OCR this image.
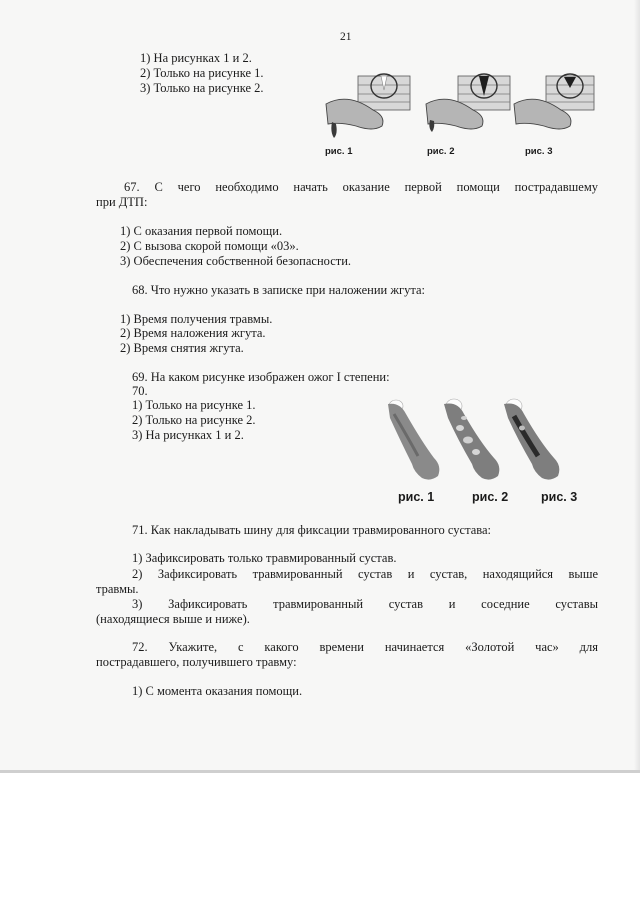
21
1) На рисунках 1 и 2.
2) Только на рисунке 1.
3) Только на рисунке 2.
рис. 1	рис. 2	рис. 3
67. С чего необходимо начать оказание первой помощи пострадавшему
при ДТП:
1) С оказания первой помощи.
2) С вызова скорой помощи «03».
3) Обеспечения собственной безопасности.
68. Что нужно указать в записке при наложении жгута:
1) Время получения травмы.
2) Время наложения жгута.
2) Время снятия жгута.
69. На каком рисунке изображен ожог I степени:
70.
1) Только на рисунке 1.
2) Только на рисунке 2.
3) На рисунках 1 и 2.
рис. 1	рис. 2	рис. 3
71. Как накладывать шину для фиксации травмированного сустава:
1) Зафиксировать только травмированный сустав.
2) Зафиксировать травмированный сустав и сустав, находящийся выше
травмы.
3) Зафиксировать травмированный сустав и соседние суставы
(находящиеся выше и ниже).
72. Укажите, с какого времени начинается «Золотой час» для
пострадавшего, получившего травму:
1) С момента оказания помощи.
